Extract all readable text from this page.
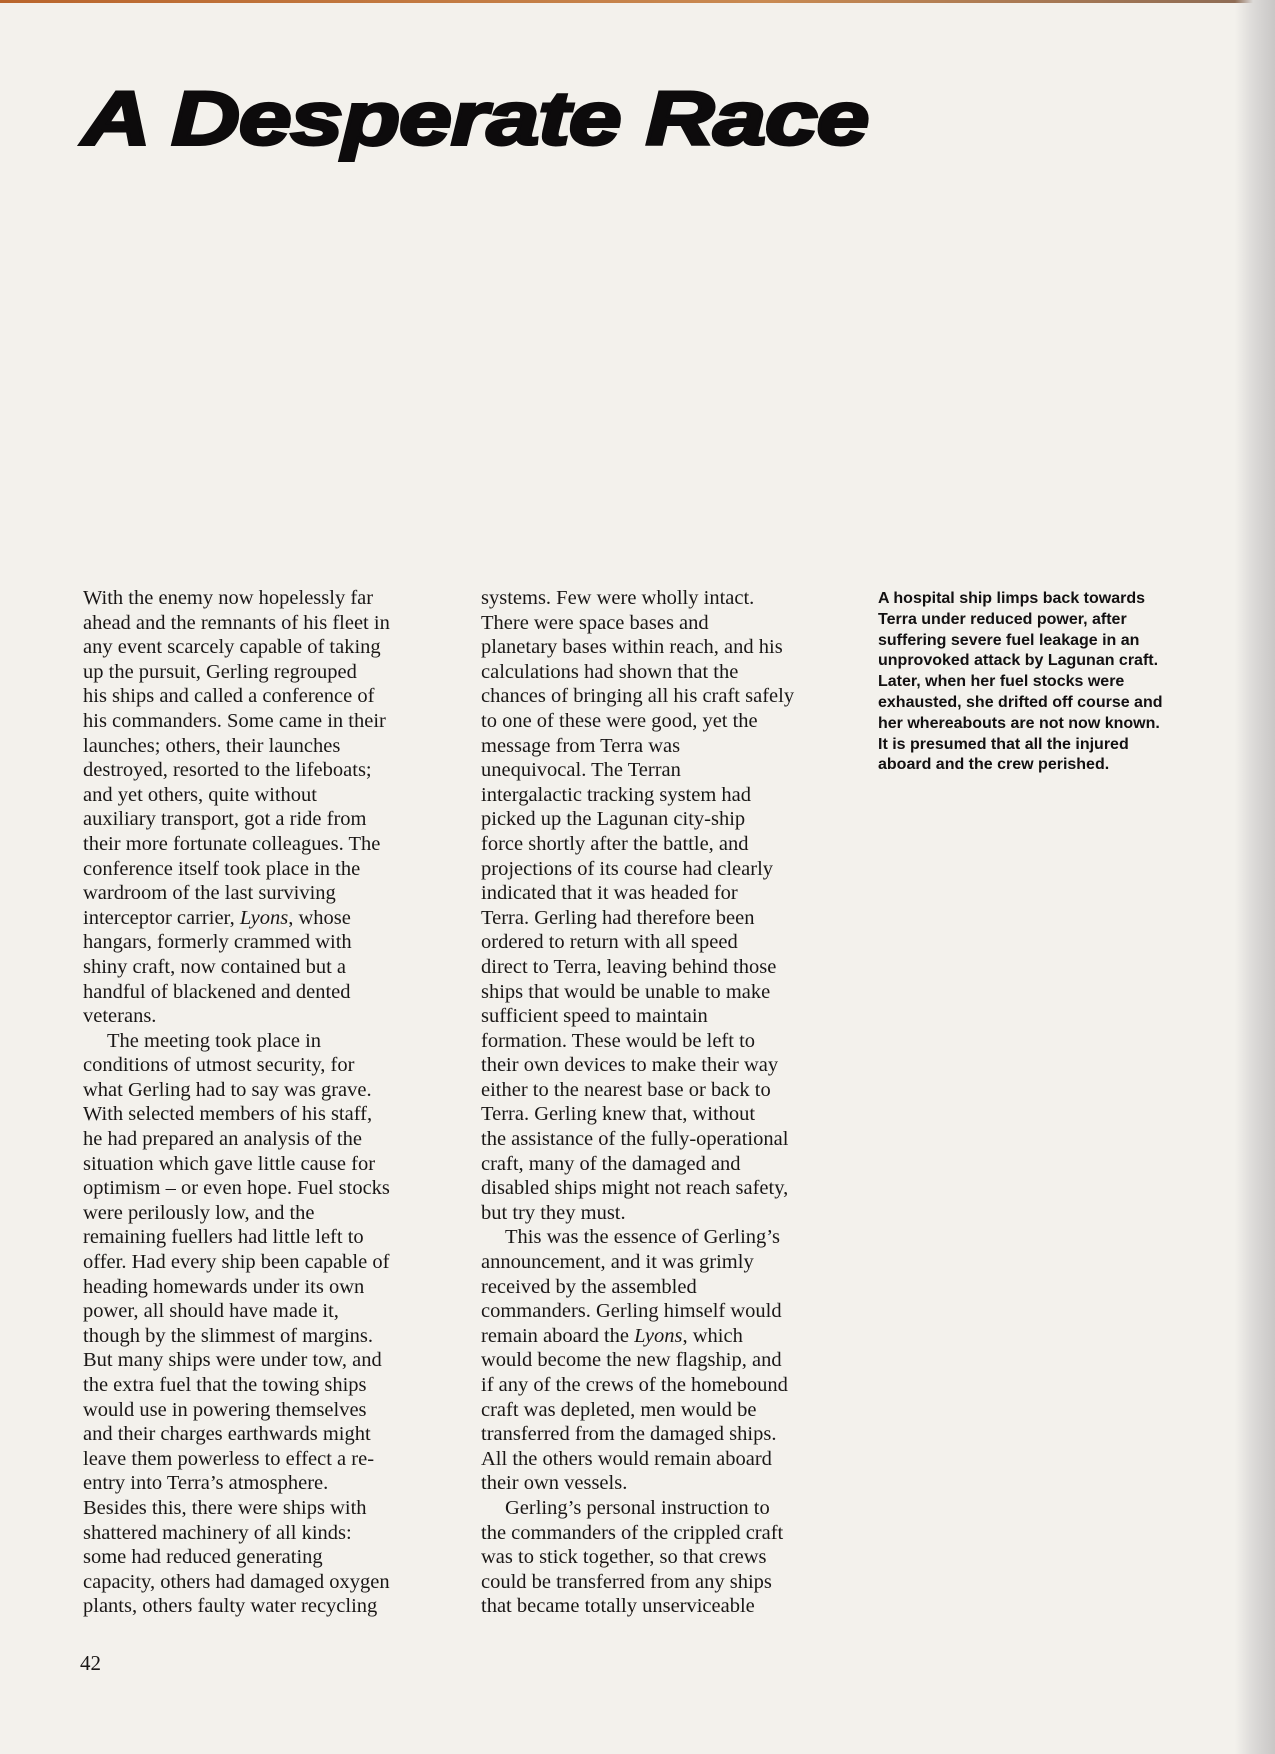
A Desperate Race

With the enemy now hopelessly far
ahead and the remnants of his fleet in
any event scarcely capable of taking
up the pursuit, Gerling regrouped
his ships and called a conference of
his commanders. Some came in their
launches; others, their launches
destroyed, resorted to the lifeboats;
and yet others, quite without
auxiliary transport, got a ride from
their more fortunate colleagues. The
conference itself took place in the
wardroom of the last surviving
interceptor carrier, Lyons, whose
hangars, formerly crammed with
shiny craft, now contained but a
handful of blackened and dented
veterans.

The meeting took place in
conditions of utmost security, for
what Gerling had to say was grave.
With selected members of his staff,
he had prepared an analysis of the
situation which gave little cause for
optimism – or even hope. Fuel stocks
were perilously low, and the
remaining fuellers had little left to
offer. Had every ship been capable of
heading homewards under its own
power, all should have made it,
though by the slimmest of margins.
But many ships were under tow, and
the extra fuel that the towing ships
would use in powering themselves
and their charges earthwards might
leave them powerless to effect a re-
entry into Terra’s atmosphere.
Besides this, there were ships with
shattered machinery of all kinds:
some had reduced generating
capacity, others had damaged oxygen
plants, others faulty water recycling

systems. Few were wholly intact.
There were space bases and
planetary bases within reach, and his
calculations had shown that the
chances of bringing all his craft safely
to one of these were good, yet the
message from Terra was
unequivocal. The Terran
intergalactic tracking system had
picked up the Lagunan city-ship
force shortly after the battle, and
projections of its course had clearly
indicated that it was headed for
Terra. Gerling had therefore been
ordered to return with all speed
direct to Terra, leaving behind those
ships that would be unable to make
sufficient speed to maintain
formation. These would be left to
their own devices to make their way
either to the nearest base or back to
Terra. Gerling knew that, without
the assistance of the fully-operational
craft, many of the damaged and
disabled ships might not reach safety,
but try they must.

This was the essence of Gerling’s
announcement, and it was grimly
received by the assembled
commanders. Gerling himself would
remain aboard the Lyons, which
would become the new flagship, and
if any of the crews of the homebound
craft was depleted, men would be
transferred from the damaged ships.
All the others would remain aboard
their own vessels.

Gerling’s personal instruction to
the commanders of the crippled craft
was to stick together, so that crews
could be transferred from any ships
that became totally unserviceable

A hospital ship limps back towards
Terra under reduced power, after
suffering severe fuel leakage in an
unprovoked attack by Lagunan craft.
Later, when her fuel stocks were
exhausted, she drifted off course and
her whereabouts are not now known.
It is presumed that all the injured
aboard and the crew perished.
42
